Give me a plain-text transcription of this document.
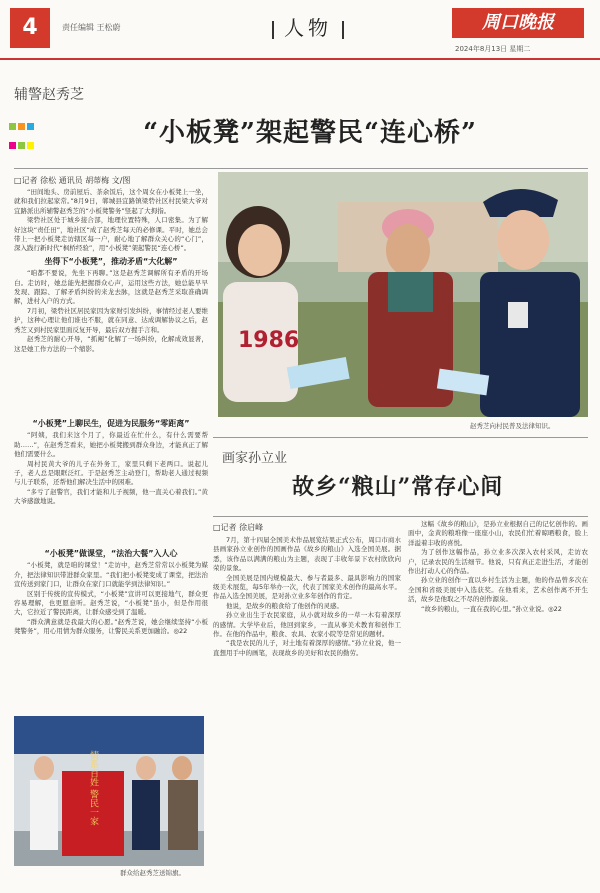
4	责任编辑 王松蔚	人物	周口晚报
2024年8月13日 星期二

辅警赵秀芝
“小板凳”架起警民“连心桥”
□记者 徐松 通讯员 胡蒂梅 文/图

“田间地头、房前屋后、茶余饭后，这个周女在小板凳上一坐，就和我们拉起家常。”8月9日，郸城县宜路镇梁砦社区村民梁大爷对宜路派出所辅警赵秀芝的“小板凳警务”竖起了大拇指。

梁砦社区处于城乡接合部，地理位置特殊，人口密集。为了解好这块“责任田”，地社区“成了赵秀芝每天的必修课。平时，她总会带上一把小板凳走访辖区每一户，耐心地了解群众关心的“心门”，深入践行新时代“枫桥经验”，用“小板凳”架起警民“连心桥”。

坐得下“小板凳”，推动矛盾“大化解”

“咱都不要说，先坐下再聊。”这是赵秀芝调解所有矛盾的开场白。走访时，她总能先把握群众心声，运用这些方法，她总能早早发现、跟踪、了解矛盾纠纷的来龙去脉，这就是赵秀芝采取准确调解，进村入户的方式。

7月初，梁砦社区居民家因为家财引发纠纷，事情经过老人要维护，这种心理让他们谁也不服，就在同意、达成调解协议之后，赵秀芝又到村民家里面反复开导，最后双方握手言和。

赵秀芝的耐心开导，“抓阄”化解了一场纠纷，化解成效显著，这是她工作方法的一个缩影。

“小板凳”上聊民生，促进为民服务“零距离”

“阿姨，我们来这个月了，你最近在忙什么，有什么需要帮助……”，在赵秀芝看来，她把小板凳搬到群众身边，才能真正了解他们需要什么。

周村民黄大爷的儿子在外务工，家里只剩下老两口。说起儿子，老人总是眼眶泛红。于是赵秀芝主动登门，帮助老人通过视频与儿子联系，还帮他们解决生活中的困难。

“多亏了赵警官，我们才能和儿子视频，他一直关心着我们。”黄大爷感激地说。

“小板凳”做课堂，“法治大餐”入人心

“小板凳，就是咱的课堂！”走访中，赵秀芝常常以小板凳为媒介，把法律知识带进群众家里。“我们把小板凳变成了课堂，把法治宣传送到家门口，让群众在家门口就能学到法律知识。”

区别于传统的宣传模式，“小板凳”宣讲可以更接地气，群众更容易理解，也更愿意听。赵秀芝说，“小板凳”虽小，但是作用很大，它拉近了警民距离，让群众感受到了温暖。

“群众满意就是我最大的心愿。”赵秀芝说，她会继续坚持“小板凳警务”，用心用情为群众服务，让警民关系更加融洽。◎22

1986
赵秀芝向村民普及法律知识。
画家孙立业
故乡“粮山”常存心间
□记者 徐启峰

7月，第十四届全国美术作品展览结果正式公布，周口市商水县画家孙立业创作的国画作品《故乡的粮山》入选全国美展。据悉，该作品以满满的粮山为主题，表现了丰收年景下农村欣欣向荣的景象。

全国美展是国内规模最大、参与者最多、最具影响力的国家级美术展览，每5年举办一次，代表了国家美术创作的最高水平。作品入选全国美展，是对孙立业多年创作的肯定。

他说，是故乡的粮食给了他创作的灵感。

孙立业出生于农民家庭，从小就对故乡的一草一木有着深厚的感情。大学毕业后，他回到家乡，一直从事美术教育和创作工作。在他的作品中，粮食、农具、农家小院等是常见的题材。

“我是农民的儿子，对土地有着深厚的感情。”孙立业说，他一直想用手中的画笔，表现故乡的美好和农民的勤劳。

这幅《故乡的粮山》，是孙立业根据自己的记忆创作的。画面中，金黄的粮堆像一座座小山，农民们忙着晾晒粮食，脸上洋溢着丰收的喜悦。

为了创作这幅作品，孙立业多次深入农村采风，走访农户，记录农民的生活细节。他说，只有真正走进生活，才能创作出打动人心的作品。

孙立业的创作一直以乡村生活为主题，他的作品曾多次在全国和省级美展中入选获奖。在他看来，艺术创作离不开生活，故乡是他取之不尽的创作源泉。

“故乡的粮山，一直在我的心里。”孙立业说。◎22

情系百姓 警民一家
群众给赵秀芝送锦旗。
